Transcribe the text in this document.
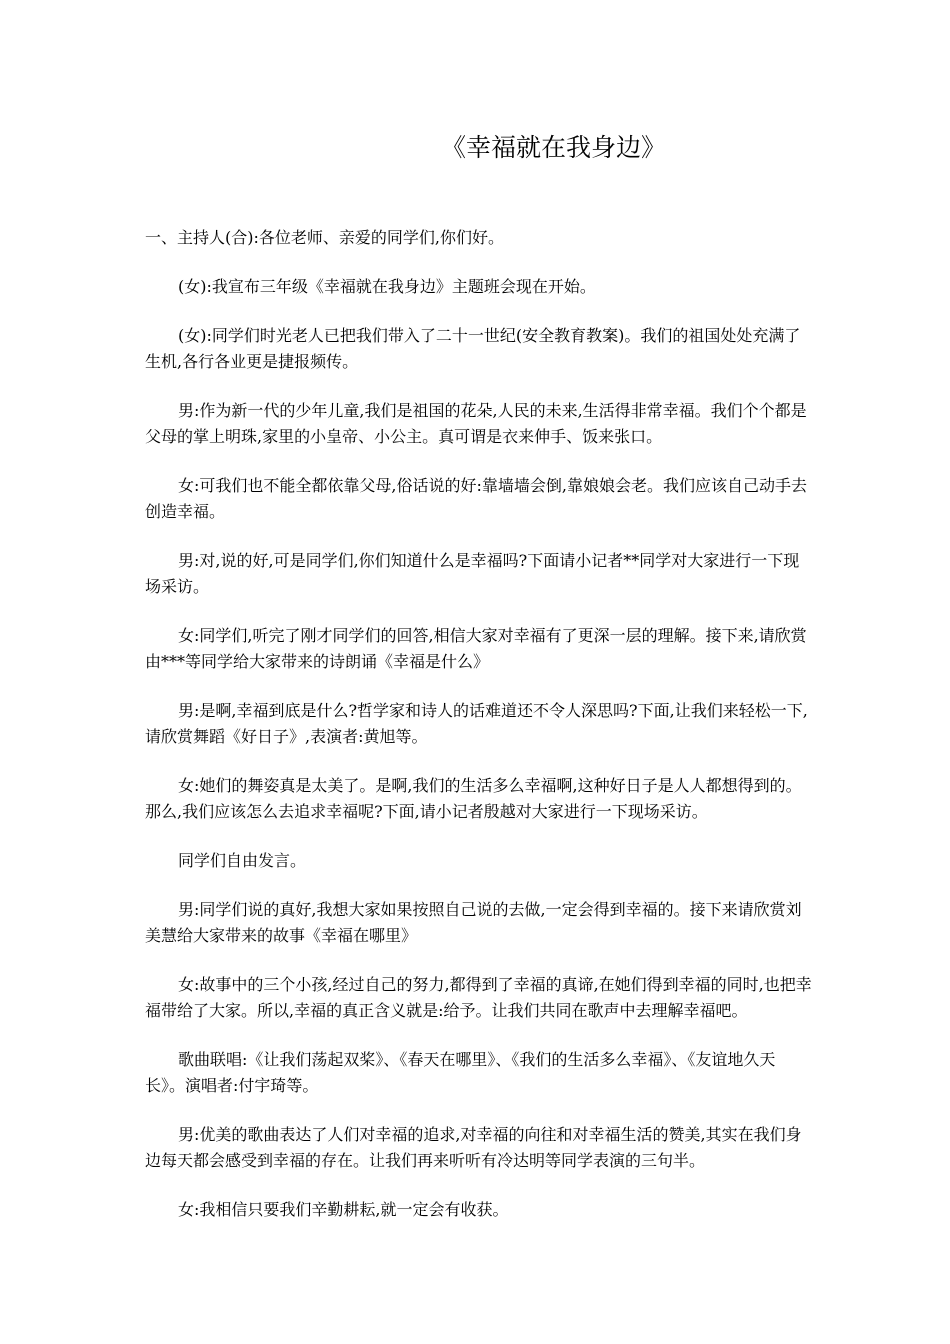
《幸福就在我身边》

一、主持人(合):各位老师、亲爱的同学们,你们好。

(女):我宣布三年级《幸福就在我身边》主题班会现在开始。

(女):同学们时光老人已把我们带入了二十一世纪(安全教育教案)。我们的祖国处处充满了生机,各行各业更是捷报频传。

男:作为新一代的少年儿童,我们是祖国的花朵,人民的未来,生活得非常幸福。我们个个都是父母的掌上明珠,家里的小皇帝、小公主。真可谓是衣来伸手、饭来张口。

女:可我们也不能全都依靠父母,俗话说的好:靠墙墙会倒,靠娘娘会老。我们应该自己动手去创造幸福。

男:对,说的好,可是同学们,你们知道什么是幸福吗?下面请小记者**同学对大家进行一下现场采访。

女:同学们,听完了刚才同学们的回答,相信大家对幸福有了更深一层的理解。接下来,请欣赏由***等同学给大家带来的诗朗诵《幸福是什么》

男:是啊,幸福到底是什么?哲学家和诗人的话难道还不令人深思吗?下面,让我们来轻松一下,请欣赏舞蹈《好日子》,表演者:黄旭等。

女:她们的舞姿真是太美了。是啊,我们的生活多么幸福啊,这种好日子是人人都想得到的。那么,我们应该怎么去追求幸福呢?下面,请小记者殷越对大家进行一下现场采访。

同学们自由发言。

男:同学们说的真好,我想大家如果按照自己说的去做,一定会得到幸福的。接下来请欣赏刘美慧给大家带来的故事《幸福在哪里》

女:故事中的三个小孩,经过自己的努力,都得到了幸福的真谛,在她们得到幸福的同时,也把幸福带给了大家。所以,幸福的真正含义就是:给予。让我们共同在歌声中去理解幸福吧。

歌曲联唱:《让我们荡起双桨》、《春天在哪里》、《我们的生活多么幸福》、《友谊地久天长》。演唱者:付宇琦等。

男:优美的歌曲表达了人们对幸福的追求,对幸福的向往和对幸福生活的赞美,其实在我们身边每天都会感受到幸福的存在。让我们再来听听有冷达明等同学表演的三句半。

女:我相信只要我们辛勤耕耘,就一定会有收获。
